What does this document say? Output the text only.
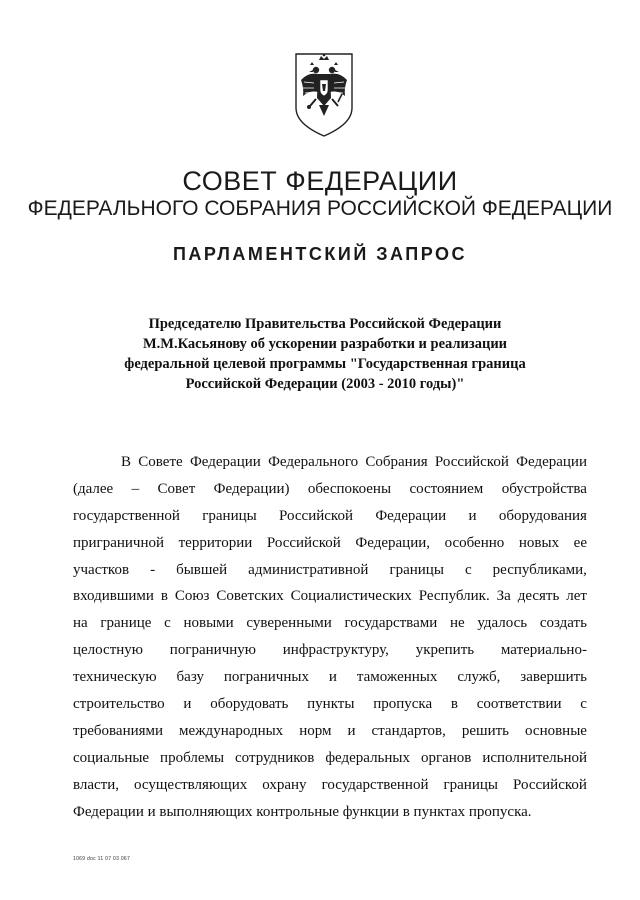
СОВЕТ ФЕДЕРАЦИИ
ФЕДЕРАЛЬНОГО СОБРАНИЯ РОССИЙСКОЙ ФЕДЕРАЦИИ
ПАРЛАМЕНТСКИЙ ЗАПРОС
Председателю Правительства Российской Федерации
М.М.Касьянову об ускорении разработки и реализации
федеральной целевой программы "Государственная граница
Российской Федерации (2003 - 2010 годы)"
В Совете Федерации Федерального Собрания Российской Федерации
(далее – Совет Федерации) обеспокоены состоянием обустройства
государственной границы Российской Федерации и оборудования
приграничной территории Российской Федерации, особенно новых ее
участков - бывшей административной границы с республиками,
входившими в Союз Советских Социалистических Республик. За десять лет
на границе с новыми суверенными государствами не удалось создать
целостную пограничную инфраструктуру, укрепить материально-
техническую базу пограничных и таможенных служб, завершить
строительство и оборудовать пункты пропуска в соответствии с
требованиями международных норм и стандартов, решить основные
социальные проблемы сотрудников федеральных органов исполнительной
власти, осуществляющих охрану государственной границы Российской
Федерации и выполняющих контрольные функции в пунктах пропуска.
1069 doc 11 07 03 067
